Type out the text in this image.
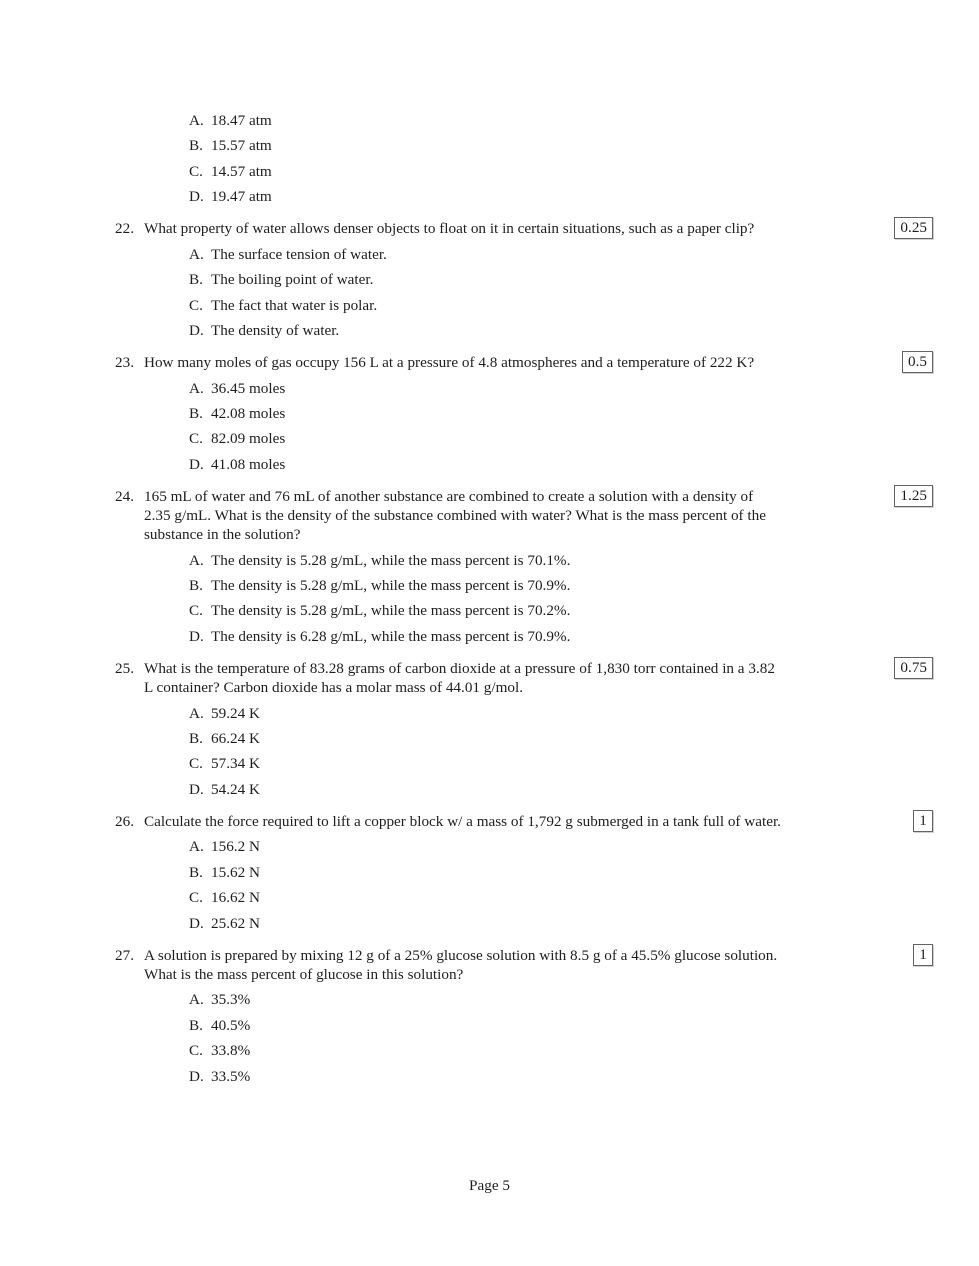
A. 18.47 atm
B. 15.57 atm
C. 14.57 atm
D. 19.47 atm
22. What property of water allows denser objects to float on it in certain situations, such as a paper clip?	0.25
A. The surface tension of water.
B. The boiling point of water.
C. The fact that water is polar.
D. The density of water.
23. How many moles of gas occupy 156 L at a pressure of 4.8 atmospheres and a temperature of 222 K?	0.5
A. 36.45 moles
B. 42.08 moles
C. 82.09 moles
D. 41.08 moles
24. 165 mL of water and 76 mL of another substance are combined to create a solution with a density of
2.35 g/mL. What is the density of the substance combined with water? What is the mass percent of the
substance in the solution?
1.25
A. The density is 5.28 g/mL, while the mass percent is 70.1%.
B. The density is 5.28 g/mL, while the mass percent is 70.9%.
C. The density is 5.28 g/mL, while the mass percent is 70.2%.
D. The density is 6.28 g/mL, while the mass percent is 70.9%.
25. What is the temperature of 83.28 grams of carbon dioxide at a pressure of 1,830 torr contained in a 3.82
L container? Carbon dioxide has a molar mass of 44.01 g/mol.
0.75
A. 59.24 K
B. 66.24 K
C. 57.34 K
D. 54.24 K
26. Calculate the force required to lift a copper block w/ a mass of 1,792 g submerged in a tank full of water.	1
A. 156.2 N
B. 15.62 N
C. 16.62 N
D. 25.62 N
27. A solution is prepared by mixing 12 g of a 25% glucose solution with 8.5 g of a 45.5% glucose solution.
What is the mass percent of glucose in this solution?
1
A. 35.3%
B. 40.5%
C. 33.8%
D. 33.5%
Page 5
